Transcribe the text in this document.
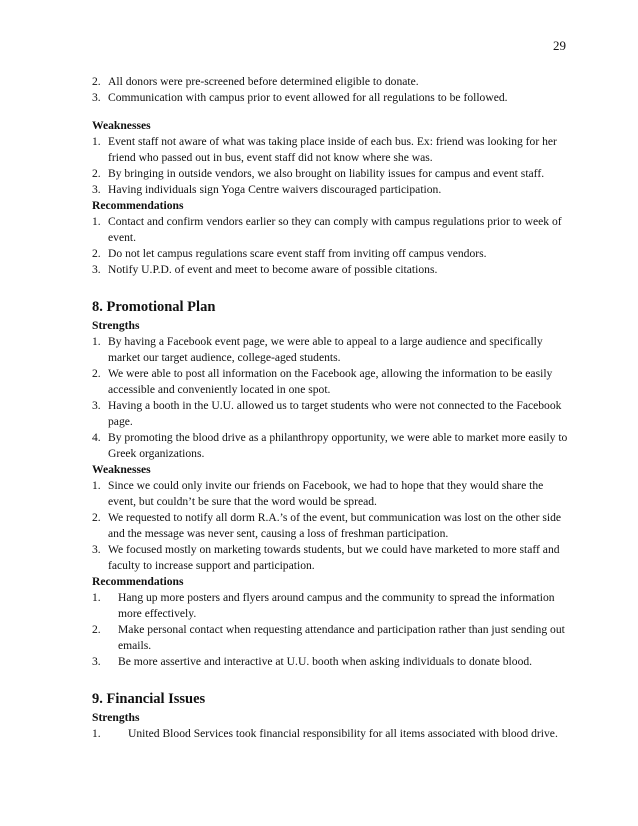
29
2. All donors were pre-screened before determined eligible to donate.
3. Communication with campus prior to event allowed for all regulations to be followed.

Weaknesses

1. Event staff not aware of what was taking place inside of each bus. Ex: friend was looking for her friend who passed out in bus, event staff did not know where she was.
2. By bringing in outside vendors, we also brought on liability issues for campus and event staff.
3. Having individuals sign Yoga Centre waivers discouraged participation.

Recommendations

1. Contact and confirm vendors earlier so they can comply with campus regulations prior to week of event.
2. Do not let campus regulations scare event staff from inviting off campus vendors.
3. Notify U.P.D. of event and meet to become aware of possible citations.

8. Promotional Plan

Strengths

1. By having a Facebook event page, we were able to appeal to a large audience and specifically market our target audience, college-aged students.
2. We were able to post all information on the Facebook age, allowing the information to be easily accessible and conveniently located in one spot.
3. Having a booth in the U.U. allowed us to target students who were not connected to the Facebook page.
4. By promoting the blood drive as a philanthropy opportunity, we were able to market more easily to Greek organizations.

Weaknesses

1. Since we could only invite our friends on Facebook, we had to hope that they would share the event, but couldn’t be sure that the word would be spread.
2. We requested to notify all dorm R.A.’s of the event, but communication was lost on the other side and the message was never sent, causing a loss of freshman participation.
3. We focused mostly on marketing towards students, but we could have marketed to more staff and faculty to increase support and participation.

Recommendations

1.	Hang up more posters and flyers around campus and the community to spread the information more effectively.
2.	Make personal contact when requesting attendance and participation rather than just sending out emails.
3.	Be more assertive and interactive at U.U. booth when asking individuals to donate blood.

9. Financial Issues

Strengths

1.	United Blood Services took financial responsibility for all items associated with blood drive.
